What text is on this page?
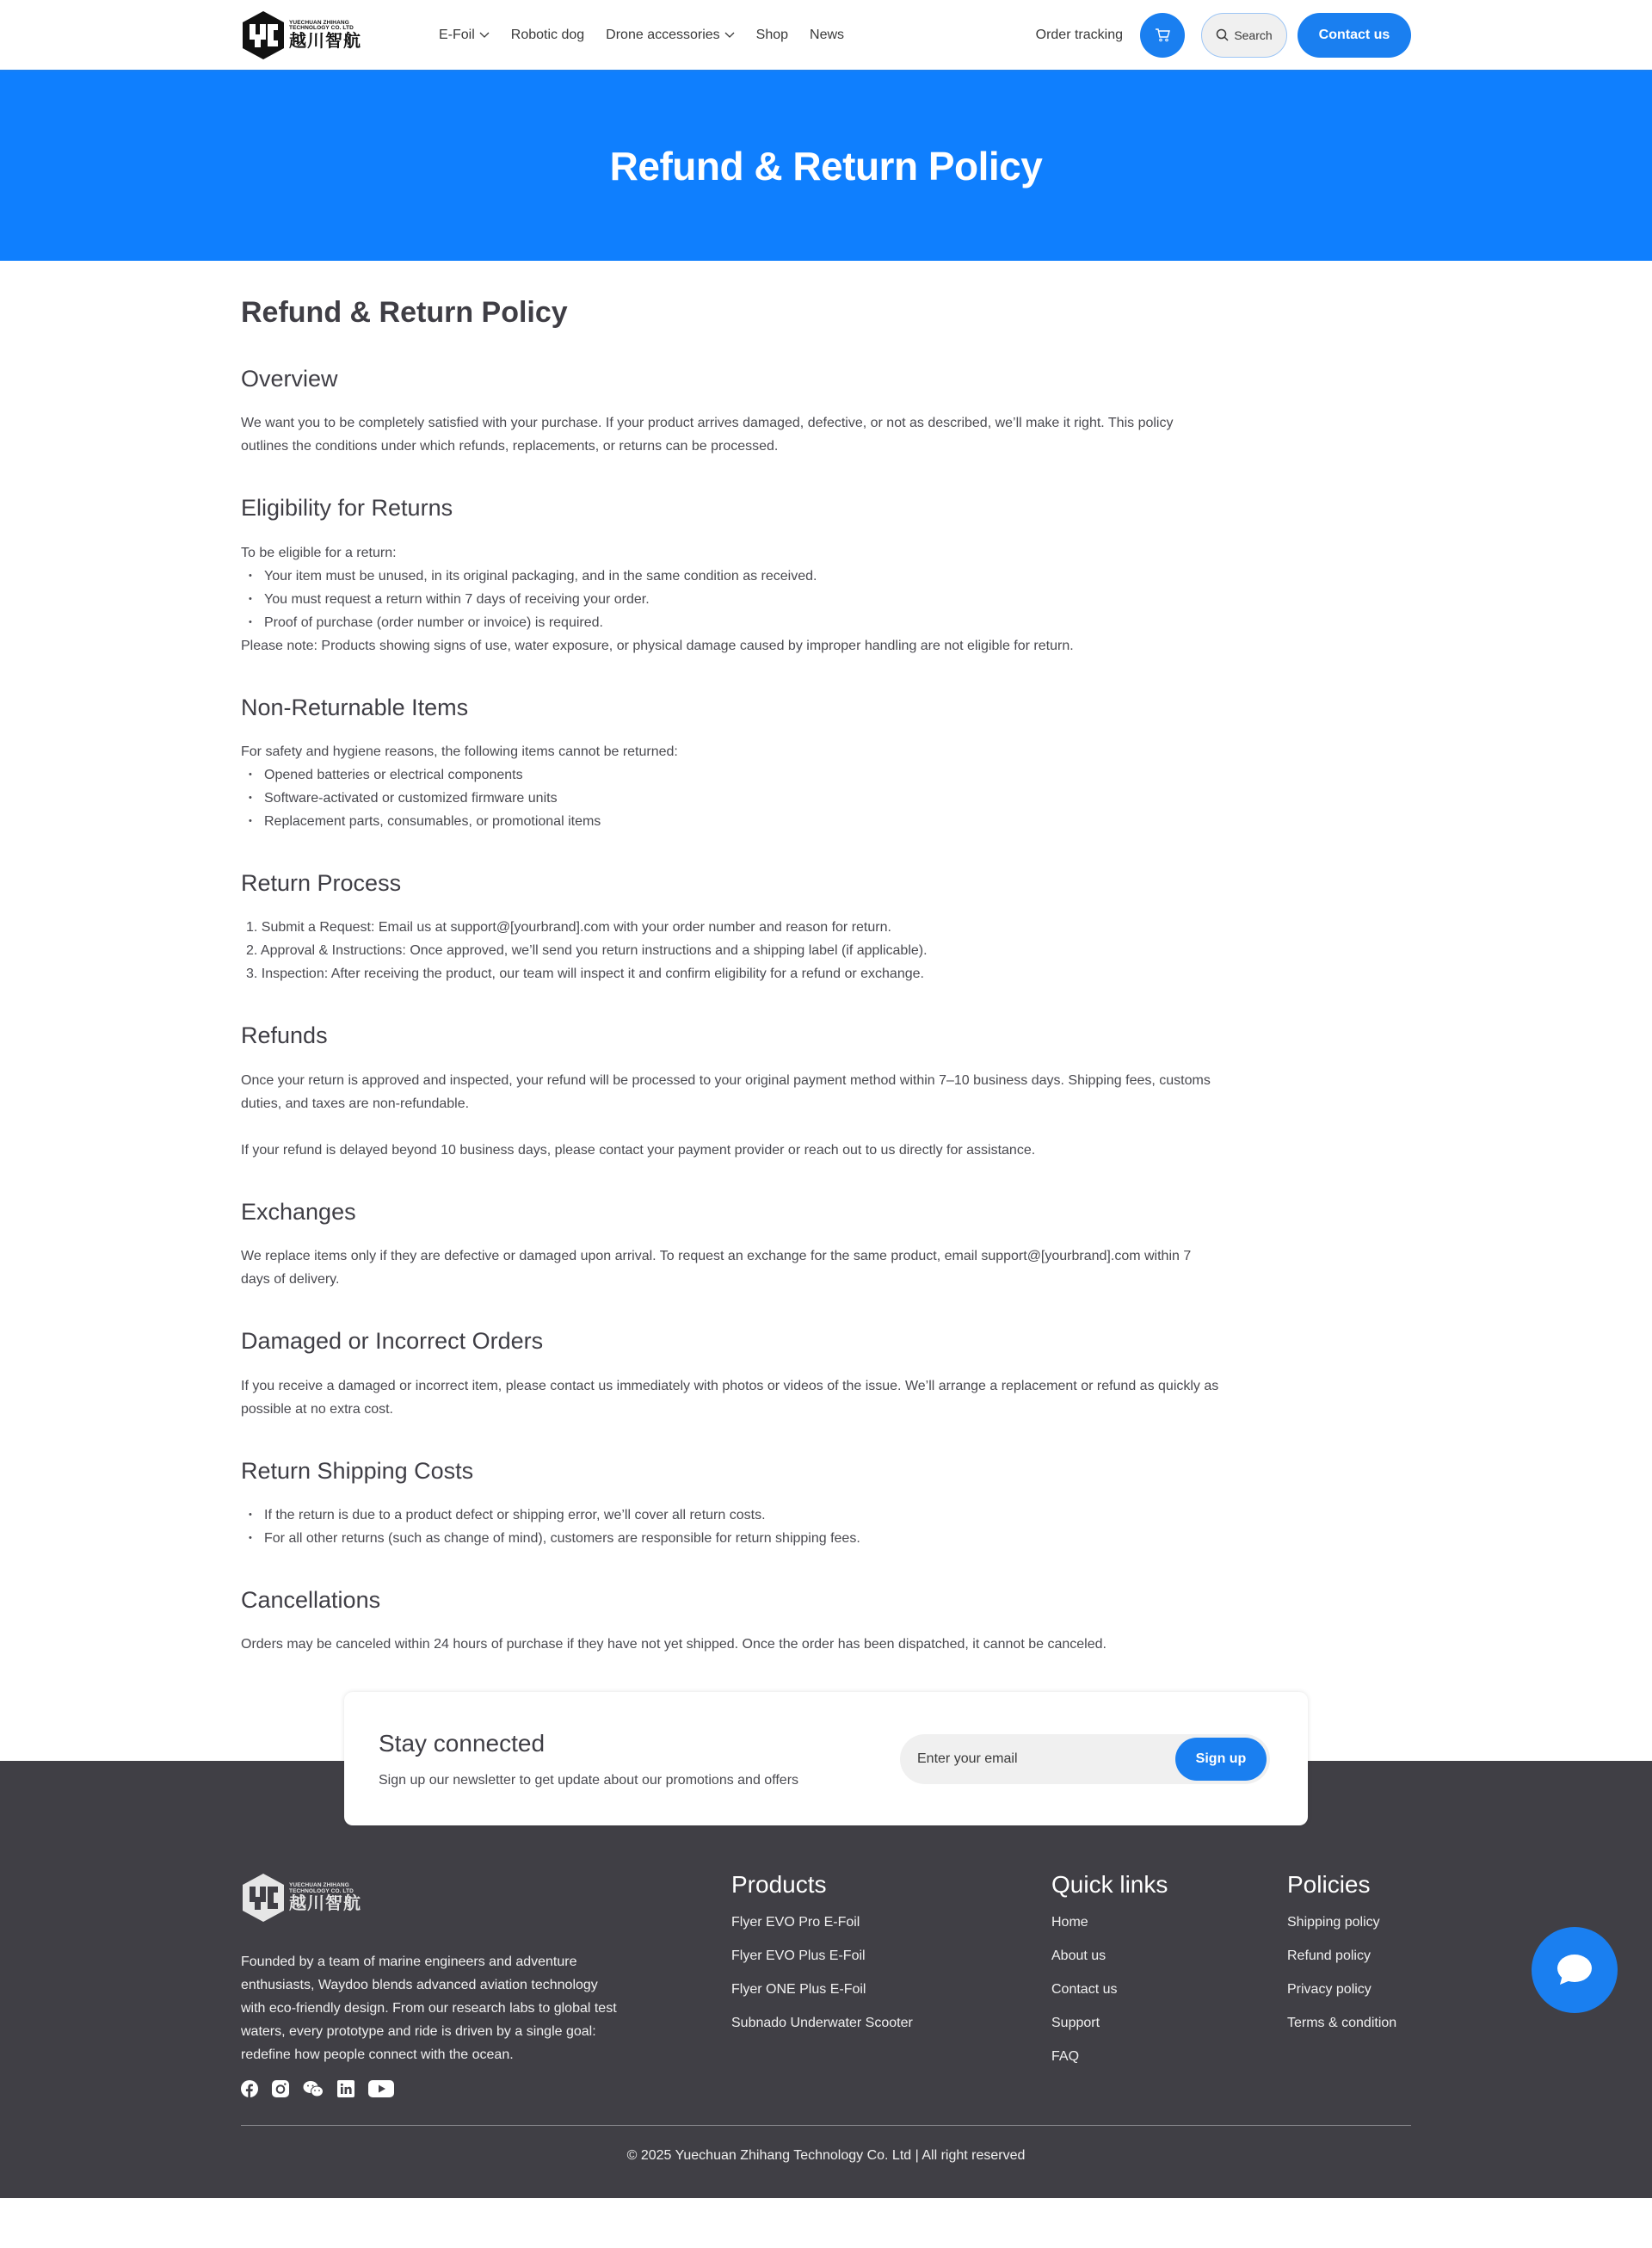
YUECHUAN ZHIHANG
TECHNOLOGY CO. LTD
越川智航	E-Foil	Robotic dog Drone accessories	Shop News	Order tracking	Search	Contact us
Refund & Return Policy
Refund & Return Policy
Overview

We want you to be completely satisfied with your purchase. If your product arrives damaged, defective, or not as described, we’ll make it right. This policy outlines the conditions under which refunds, replacements, or returns can be processed.

Eligibility for Returns

To be eligible for a return:

• Your item must be unused, in its original packaging, and in the same condition as received.
• You must request a return within 7 days of receiving your order.
• Proof of purchase (order number or invoice) is required.

Please note: Products showing signs of use, water exposure, or physical damage caused by improper handling are not eligible for return.

Non-Returnable Items

For safety and hygiene reasons, the following items cannot be returned:

• Opened batteries or electrical components
• Software-activated or customized firmware units
• Replacement parts, consumables, or promotional items
Return Process
1. Submit a Request: Email us at support@[yourbrand].com with your order number and reason for return.
2. Approval & Instructions: Once approved, we’ll send you return instructions and a shipping label (if applicable).
3. Inspection: After receiving the product, our team will inspect it and confirm eligibility for a refund or exchange.
Refunds

Once your return is approved and inspected, your refund will be processed to your original payment method within 7–10 business days. Shipping fees, customs duties, and taxes are non-refundable.

If your refund is delayed beyond 10 business days, please contact your payment provider or reach out to us directly for assistance.

Exchanges

We replace items only if they are defective or damaged upon arrival. To request an exchange for the same product, email support@[yourbrand].com within 7 days of delivery.

Damaged or Incorrect Orders

If you receive a damaged or incorrect item, please contact us immediately with photos or videos of the issue. We’ll arrange a replacement or refund as quickly as possible at no extra cost.

Return Shipping Costs
• If the return is due to a product defect or shipping error, we’ll cover all return costs.
• For all other returns (such as change of mind), customers are responsible for return shipping fees.
Cancellations

Orders may be canceled within 24 hours of purchase if they have not yet shipped. Once the order has been dispatched, it cannot be canceled.

Stay connected

Sign up our newsletter to get update about our promotions and offers

Enter your email
Sign up
YUECHUAN ZHIHANG
TECHNOLOGY CO. LTD
越川智航

Founded by a team of marine engineers and adventure enthusiasts, Waydoo blends advanced aviation technology with eco-friendly design. From our research labs to global test waters, every prototype and ride is driven by a single goal: redefine how people connect with the ocean.

Products
Flyer EVO Pro E-Foil
Flyer EVO Plus E-Foil
Flyer ONE Plus E-Foil
Subnado Underwater Scooter
Quick links
Home
About us
Contact us
Support
FAQ
Policies
Shipping policy
Refund policy
Privacy policy
Terms & condition
© 2025 Yuechuan Zhihang Technology Co. Ltd | All right reserved
